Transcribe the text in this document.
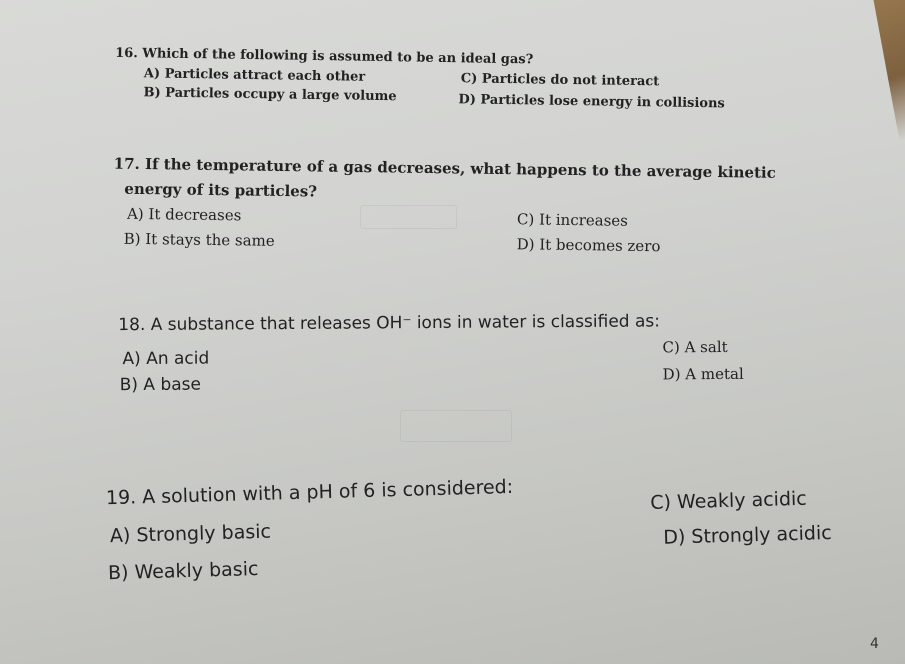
16. Which of the following is assumed to be an ideal gas?
A) Particles attract each other	C) Particles do not interact
B) Particles occupy a large volume	D) Particles lose energy in collisions
17. If the temperature of a gas decreases, what happens to the average kinetic
energy of its particles?
A) It decreases	C) It increases
B) It stays the same	D) It becomes zero
18. A substance that releases OH⁻ ions in water is classified as:
A) An acid
C) A salt
B) A base
D) A metal
19. A solution with a pH of 6 is considered:
A) Strongly basic
C) Weakly acidic
B) Weakly basic
D) Strongly acidic
4
